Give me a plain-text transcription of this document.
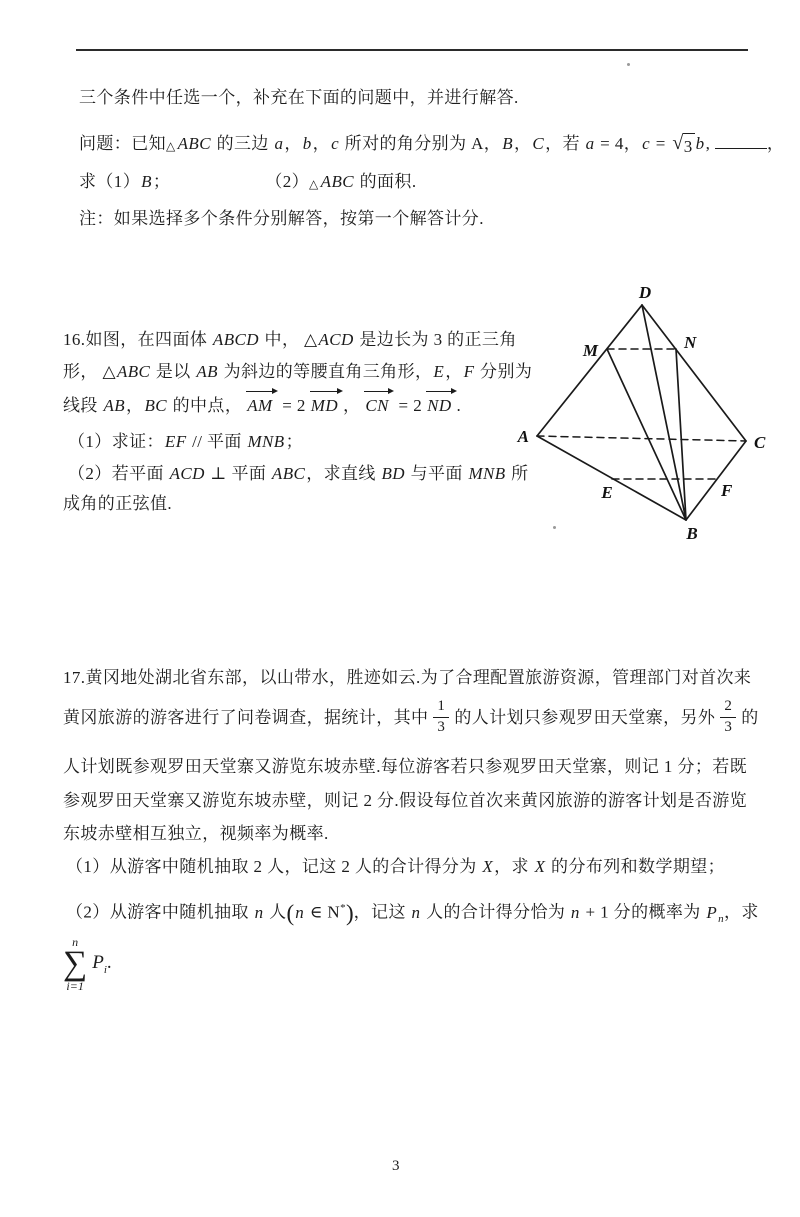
三个条件中任选一个，补充在下面的问题中，并进行解答.
问题：已知△ ABC 的三边 a，b，c 所对的角分别为 A，B，C，若 a = 4，c = √ 3 b,	，
求（1）B；	（2）△ ABC 的面积.
注：如果选择多个条件分别解答，按第一个解答计分.
16.如图，在四面体 ABCD 中， △ACD 是边长为 3 的正三角
形， △ABC 是以 AB 为斜边的等腰直角三角形，E，F 分别为
线段 AB，BC 的中点， AM = 2 MD ， CN = 2 ND .
（1）求证：EF // 平面 MNB；
（2）若平面 ACD ⊥ 平面 ABC，求直线 BD 与平面 MNB 所
成角的正弦值.
D
M	N
A	C
E	F
B
17.黄冈地处湖北省东部，以山带水，胜迹如云.为了合理配置旅游资源，管理部门对首次来
黄冈旅游的游客进行了问卷调查，据统计，其中 $\frac{1}{3}$ 的人计划只参观罗田天堂寨，另外 $\frac{2}{3}$ 的
人计划既参观罗田天堂寨又游览东坡赤壁.每位游客若只参观罗田天堂寨，则记 1 分；若既
参观罗田天堂寨又游览东坡赤壁，则记 2 分.假设每位首次来黄冈旅游的游客计划是否游览
东坡赤壁相互独立，视频率为概率.
（1）从游客中随机抽取 2 人，记这 2 人的合计得分为 X，求 X 的分布列和数学期望；
（2）从游客中随机抽取 n 人(n ∈ N*)，记这 n 人的合计得分恰为 n + 1 分的概率为 $P_n$，求
n
∑
i=1
$P_i$.
3
